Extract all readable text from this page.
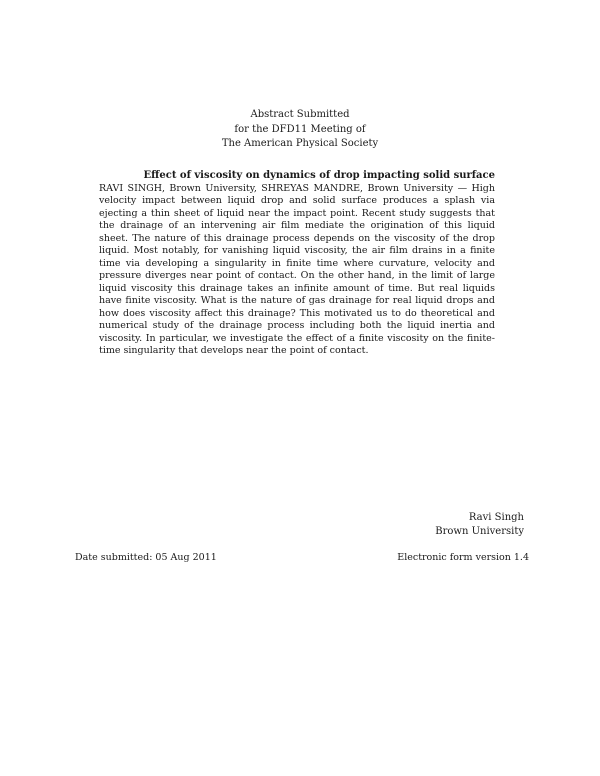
Abstract Submitted
for the DFD11 Meeting of
The American Physical Society

Effect of viscosity on dynamics of drop impacting solid surface

RAVI SINGH, Brown University, SHREYAS MANDRE, Brown University — High velocity impact between liquid drop and solid surface produces a splash via ejecting a thin sheet of liquid near the impact point. Recent study suggests that the drainage of an intervening air film mediate the origination of this liquid sheet. The nature of this drainage process depends on the viscosity of the drop liquid. Most notably, for vanishing liquid viscosity, the air film drains in a finite time via developing a singularity in finite time where curvature, velocity and pressure diverges near point of contact. On the other hand, in the limit of large liquid viscosity this drainage takes an infinite amount of time. But real liquids have finite viscosity. What is the nature of gas drainage for real liquid drops and how does viscosity affect this drainage? This motivated us to do theoretical and numerical study of the drainage process including both the liquid inertia and viscosity. In particular, we investigate the effect of a finite viscosity on the finite-time singularity that develops near the point of contact.

Ravi Singh
Brown University
Date submitted: 05 Aug 2011	Electronic form version 1.4
